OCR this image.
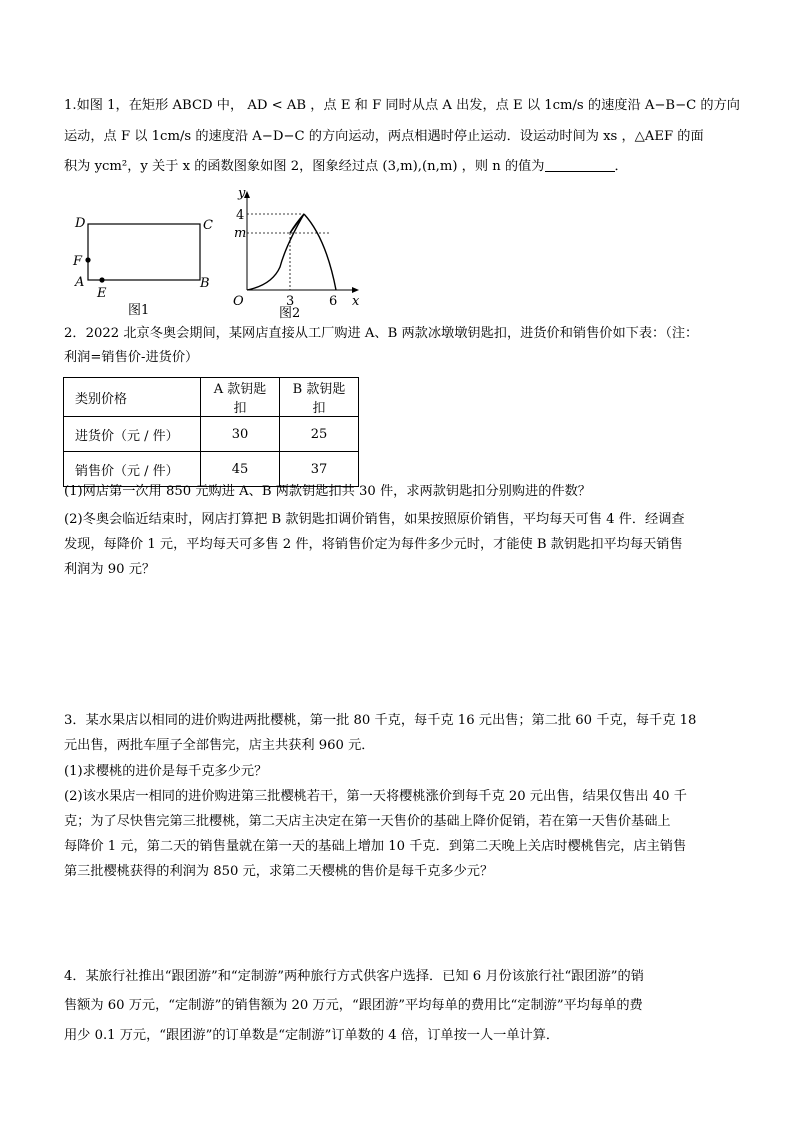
1.如图 1，在矩形 ABCD 中， AD < AB ，点 E 和 F 同时从点 A 出发，点 E 以 1cm/s 的速度沿 A−B−C 的方向
运动，点 F 以 1cm/s 的速度沿 A−D−C 的方向运动，两点相遇时停止运动．设运动时间为 xs ，△AEF 的面
积为 ycm²，y 关于 x 的函数图象如图 2，图象经过点 (3,m),(n,m) ，则 n 的值为	．
D	C
F
A
E
B
图1
y
x
O
4
m
3	6
图2
2．2022 北京冬奥会期间，某网店直接从工厂购进 A、B 两款冰墩墩钥匙扣，进货价和销售价如下表：（注：
利润=销售价-进货价）
类别价格	A 款钥匙扣	B 款钥匙扣
进货价（元 / 件）	30	25
销售价（元 / 件）	45	37
(1)网店第一次用 850 元购进 A、B 两款钥匙扣共 30 件，求两款钥匙扣分别购进的件数？
(2)冬奥会临近结束时，网店打算把 B 款钥匙扣调价销售，如果按照原价销售，平均每天可售 4 件．经调查
发现，每降价 1 元，平均每天可多售 2 件，将销售价定为每件多少元时，才能使 B 款钥匙扣平均每天销售
利润为 90 元？
3．某水果店以相同的进价购进两批樱桃，第一批 80 千克，每千克 16 元出售；第二批 60 千克，每千克 18
元出售，两批车厘子全部售完，店主共获利 960 元．
(1)求樱桃的进价是每千克多少元？
(2)该水果店一相同的进价购进第三批樱桃若干，第一天将樱桃涨价到每千克 20 元出售，结果仅售出 40 千
克；为了尽快售完第三批樱桃，第二天店主决定在第一天售价的基础上降价促销，若在第一天售价基础上
每降价 1 元，第二天的销售量就在第一天的基础上增加 10 千克．到第二天晚上关店时樱桃售完，店主销售
第三批樱桃获得的利润为 850 元，求第二天樱桃的售价是每千克多少元？
4．某旅行社推出“跟团游”和“定制游”两种旅行方式供客户选择．已知 6 月份该旅行社“跟团游”的销
售额为 60 万元，“定制游”的销售额为 20 万元，“跟团游”平均每单的费用比“定制游”平均每单的费
用少 0.1 万元，“跟团游”的订单数是“定制游”订单数的 4 倍，订单按一人一单计算．
